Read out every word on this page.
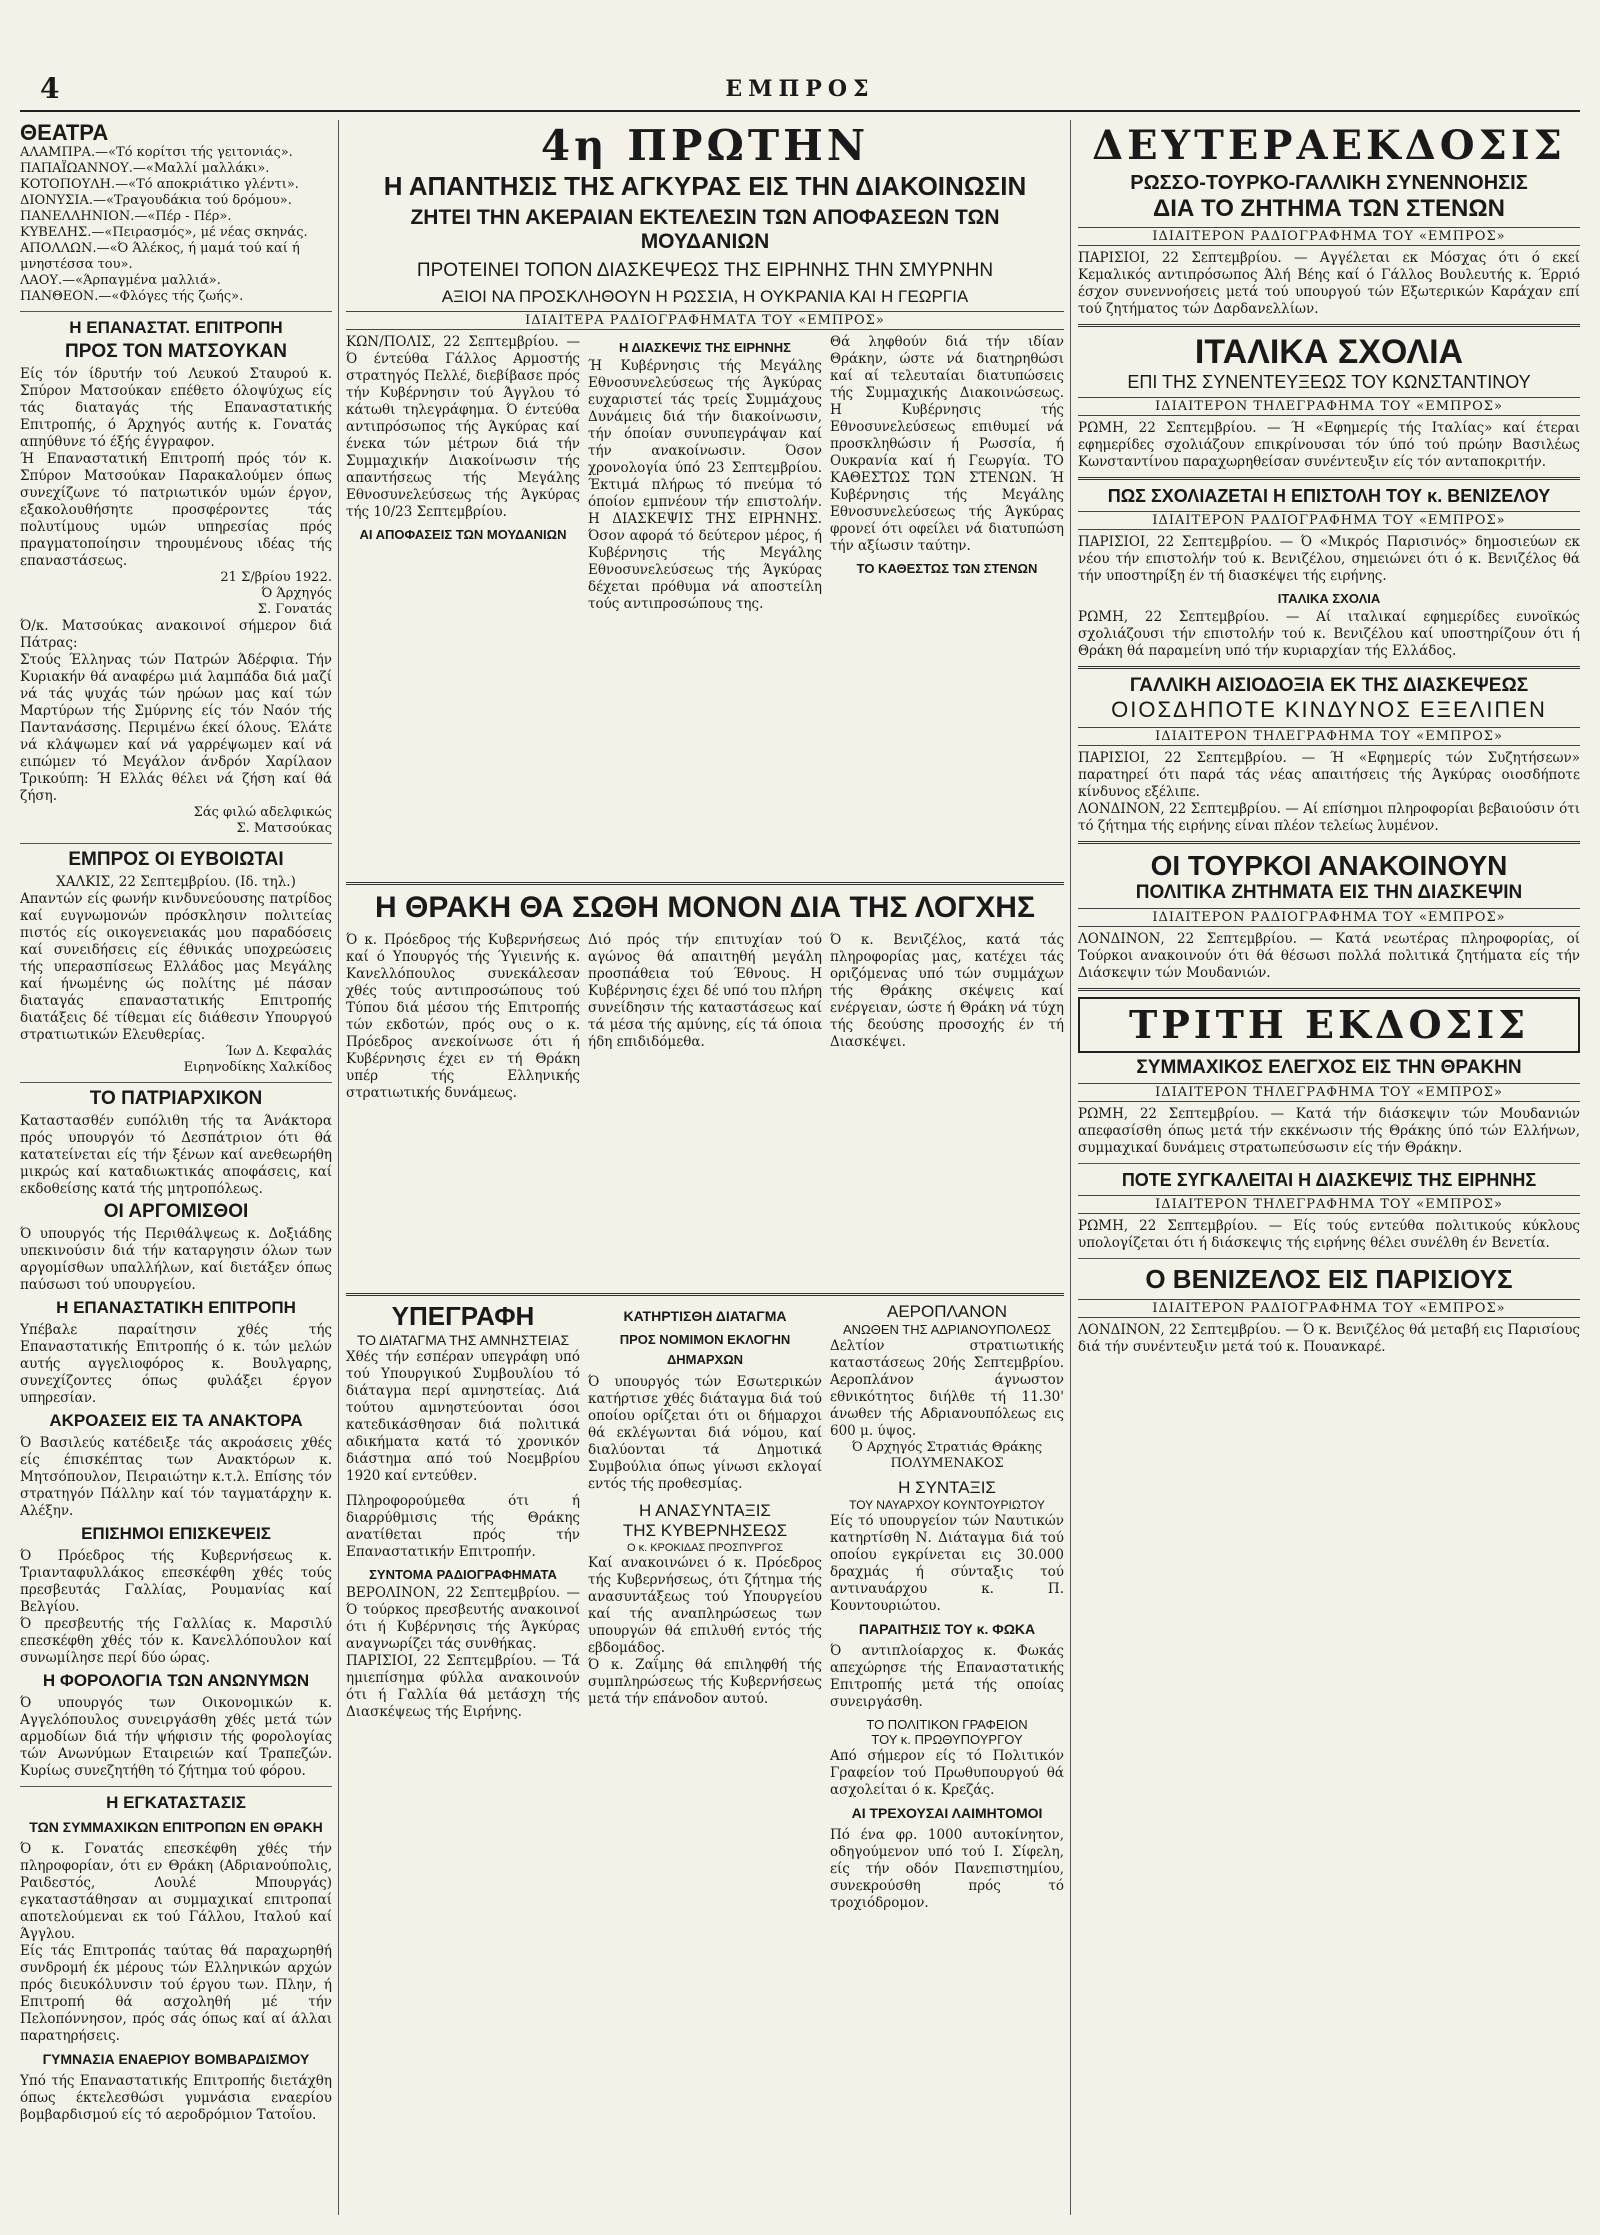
4	ΕΜΠΡΟΣ
ΘΕΑΤΡΑ
ΑΛΑΜΠΡΑ.—«Τό κορίτσι τής γειτονιάς».
ΠΑΠΑΪΩΑΝΝΟΥ.—«Μαλλί μαλλάκι».
ΚΟΤΟΠΟΥΛΗ.—«Τό αποκριάτικο γλέντι».
ΔΙΟΝΥΣΙΑ.—«Τραγουδάκια τού δρόμου».
ΠΑΝΕΛΛΗΝΙΟΝ.—«Πέρ - Πέρ».
ΚΥΒΕΛΗΣ.—«Πειρασμός», μέ νέας σκηνάς.
ΑΠΟΛΛΩΝ.—«Ό Άλέκος, ή μαμά τού καί ή μνηστέσσα του».
ΛΑΟΥ.—«Άρπαγμένα μαλλιά».
ΠΑΝΘΕΟΝ.—«Φλόγες τής ζωής».
Η ΕΠΑΝΑΣΤΑΤ. ΕΠΙΤΡΟΠΗ
ΠΡΟΣ ΤΟΝ ΜΑΤΣΟΥΚΑΝ
Είς τόν ίδρυτήν τού Λευκού Σταυρού κ. Σπύρον Ματσούκαν επέθετο όλοψύχως είς τάς διαταγάς τής Επαναστατικής Επιτροπής, ό Άρχηγός αυτής κ. Γονατάς απηύθυνε τό έξής έγγραφον.
Ή Επαναστατική Επιτροπή πρός τόν κ. Σπύρον Ματσούκαν Παρακαλούμεν όπως συνεχίζωνε τό πατριωτικόν υμών έργον, εξακολουθήσητε προσφέροντες τάς πολυτίμους υμών υπηρεσίας πρός πραγματοποίησιν τηρουμένους ιδέας τής επαναστάσεως.
21 Σ/βρίου 1922.
Ό Άρχηγός
Σ. Γονατάς
Ό/κ. Ματσούκας ανακοινοί σήμερον διά Πάτρας:
Στούς Έλληνας τών Πατρών Άδέρφια. Τήν Κυριακήν θά αναφέρω μιά λαμπάδα διά μαζί νά τάς ψυχάς τών ηρώων μας καί τών Μαρτύρων τής Σμύρνης είς τόν Ναόν τής Παντανάσσης. Περιμένω έκεί όλους. Έλάτε νά κλάψωμεν καί νά γαρρέψωμεν καί νά ειπώμεν τό Μεγάλον άνδρόν Χαρίλαον Τρικούπη: Ή Ελλάς θέλει νά ζήση καί θά ζήση.
Σάς φιλώ αδελφικώς
Σ. Ματσούκας
ΕΜΠΡΟΣ ΟΙ ΕΥΒΟΙΩΤΑΙ
ΧΑΛΚΙΣ, 22 Σεπτεμβρίου. (Ιδ. τηλ.)
Απαντών είς φωνήν κινδυνεύουσης πατρίδος καί ευγνωμονών πρόσκλησιν πολιτείας πιστός είς οικογενειακάς μου παραδόσεις καί συνειδήσεις είς έθνικάς υποχρεώσεις τής υπερασπίσεως Ελλάδος μας Μεγάλης καί ήνωμένης ώς πολίτης μέ πάσαν διαταγάς επαναστατικής Επιτροπής διατάξεις δέ τίθεμαι είς διάθεσιν Υπουργού στρατιωτικών Ελευθερίας.
Ίων Δ. Κεφαλάς
Ειρηνοδίκης Χαλκίδος
ΤΟ ΠΑΤΡΙΑΡΧΙΚΟΝ
Καταστασθέν ευπόλιθη τής τα Άνάκτορα πρός υπουργόν τό Δεσπάτριον ότι θά κατατείνεται είς τήν ξένων καί ανεθεωρήθη μικρώς καί καταδιωκτικάς αποφάσεις, καί εκδοθείσης κατά τής μητροπόλεως.
ΟΙ ΑΡΓΟΜΙΣΘΟΙ
Ό υπουργός τής Περιθάλψεως κ. Δοξιάδης υπεκινούσιν διά τήν καταργησιν όλων των αργομίσθων υπαλλήλων, καί διετάξεν όπως παύσωσι τού υπουργείου.
Η ΕΠΑΝΑΣΤΑΤΙΚΗ ΕΠΙΤΡΟΠΗ
Υπέβαλε παραίτησιν χθές τής Επαναστατικής Επιτροπής ό κ. τών μελών αυτής αγγελιοφόρος κ. Βουλγαρης, συνεχίζοντες όπως φυλάξει έργον υπηρεσίαν.
ΑΚΡΟΑΣΕΙΣ ΕΙΣ ΤΑ ΑΝΑΚΤΟΡΑ
Ό Βασιλεύς κατέδειξε τάς ακροάσεις χθές είς έπισκέπτας των Ανακτόρων κ. Μητσόπουλον, Πειραιώτην κ.τ.λ. Επίσης τόν στρατηγόν Πάλλην καί τόν ταγματάρχην κ. Αλέξην.
ΕΠΙΣΗΜΟΙ ΕΠΙΣΚΕΨΕΙΣ
Ό Πρόεδρος τής Κυβερνήσεως κ. Τριανταφυλλάκος επεσκέφθη χθές τούς πρεσβευτάς Γαλλίας, Ρουμανίας καί Βελγίου.
Ό πρεσβευτής τής Γαλλίας κ. Μαρσιλύ επεσκέφθη χθές τόν κ. Κανελλόπουλον καί συνωμίλησε περί δύο ώρας.
Η ΦΟΡΟΛΟΓΙΑ ΤΩΝ ΑΝΩΝΥΜΩΝ
Ό υπουργός των Οικονομικών κ. Αγγελόπουλος συνειργάσθη χθές μετά τών αρμοδίων διά τήν ψήφισιν τής φορολογίας τών Ανωνύμων Εταιρειών καί Τραπεζών. Κυρίως συνεζητήθη τό ζήτημα τού φόρου.
Η ΕΓΚΑΤΑΣΤΑΣΙΣ
ΤΩΝ ΣΥΜΜΑΧΙΚΩΝ ΕΠΙΤΡΟΠΩΝ ΕΝ ΘΡΑΚΗ
Ό κ. Γονατάς επεσκέφθη χθές τήν πληροφορίαν, ότι εν Θράκη (Αδριανούπολις, Ραιδεστός, Λουλέ Μπουργάς) εγκαταστάθησαν αι συμμαχικαί επιτροπαί αποτελούμεναι εκ τού Γάλλου, Ιταλού καί Άγγλου.
Είς τάς Επιτροπάς ταύτας θά παραχωρηθή συνδρομή έκ μέρους τών Ελληνικών αρχών πρός διευκόλυνσιν τού έργου των. Πλην, ή Επιτροπή θά ασχοληθή μέ τήν Πελοπόννησον, πρός σάς όπως καί αί άλλαι παρατηρήσεις.
ΓΥΜΝΑΣΙΑ ΕΝΑΕΡΙΟΥ ΒΟΜΒΑΡΔΙΣΜΟΥ
Υπό τής Επαναστατικής Επιτροπής διετάχθη όπως έκτελεσθώσι γυμνάσια εναερίου βομβαρδισμού είς τό αεροδρόμιον Τατοΐου.
4η ΠΡΩΤΗΝ
Η ΑΠΑΝΤΗΣΙΣ ΤΗΣ ΑΓΚΥΡΑΣ ΕΙΣ ΤΗΝ ΔΙΑΚΟΙΝΩΣΙΝ
ΖΗΤΕΙ ΤΗΝ ΑΚΕΡΑΙΑΝ ΕΚΤΕΛΕΣΙΝ ΤΩΝ ΑΠΟΦΑΣΕΩΝ ΤΩΝ ΜΟΥΔΑΝΙΩΝ
ΠΡΟΤΕΙΝΕΙ ΤΟΠΟΝ ΔΙΑΣΚΕΨΕΩΣ ΤΗΣ ΕΙΡΗΝΗΣ ΤΗΝ ΣΜΥΡΝΗΝ
ΑΞΙΟΙ ΝΑ ΠΡΟΣΚΛΗΘΟΥΝ Η ΡΩΣΣΙΑ, Η ΟΥΚΡΑΝΙΑ ΚΑΙ Η ΓΕΩΡΓΙΑ
ΙΔΙΑΙΤΕΡΑ ΡΑΔΙΟΓΡΑΦΗΜΑΤΑ ΤΟΥ «ΕΜΠΡΟΣ»
ΚΩΝ/ΠΟΛΙΣ, 22 Σεπτεμβρίου. — Ό έντεύθα Γάλλος Αρμοστής στρατηγός Πελλέ, διεβίβασε πρός τήν Κυβέρνησιν τού Άγγλου τό κάτωθι τηλεγράφημα. Ό έντεύθα αντιπρόσωπος τής Άγκύρας καί ένεκα τών μέτρων διά τήν Συμμαχικήν Διακοίνωσιν τής απαντήσεως τής Μεγάλης Εθνοσυνελεύσεως τής Άγκύρας τής 10/23 Σεπτεμβρίου.
ΑΙ ΑΠΟΦΑΣΕΙΣ ΤΩΝ ΜΟΥΔΑΝΙΩΝ
Η ΔΙΑΣΚΕΨΙΣ ΤΗΣ ΕΙΡΗΝΗΣ
Ή Κυβέρνησις τής Μεγάλης Εθνοσυνελεύσεως τής Άγκύρας ευχαριστεί τάς τρείς Συμμάχους Δυνάμεις διά τήν διακοίνωσιν, τήν όποίαν συνυπεγράψαν καί τήν ανακοίνωσιν. Όσον χρονολογία ύπό 23 Σεπτεμβρίου. Έκτιμά πλήρως τό πνεύμα τό όποίον εμπνέουν τήν επιστολήν. Η ΔΙΑΣΚΕΨΙΣ ΤΗΣ ΕΙΡΗΝΗΣ. Όσον αφορά τό δεύτερον μέρος, ή Κυβέρνησις τής Μεγάλης Εθνοσυνελεύσεως τής Άγκύρας δέχεται πρόθυμα νά αποστείλη τούς αντιπροσώπους της.
Θά ληφθούν διά τήν ιδίαν Θράκην, ώστε νά διατηρηθώσι καί αί τελευταίαι διατυπώσεις τής Συμμαχικής Διακοινώσεως. Η Κυβέρνησις τής Εθνοσυνελεύσεως επιθυμεί νά προσκληθώσιν ή Ρωσσία, ή Ουκρανία καί ή Γεωργία. ΤΟ ΚΑΘΕΣΤΩΣ ΤΩΝ ΣΤΕΝΩΝ. Ή Κυβέρνησις τής Μεγάλης Εθνοσυνελεύσεως τής Άγκύρας φρονεί ότι οφείλει νά διατυπώση τήν αξίωσιν ταύτην.
ΤΟ ΚΑΘΕΣΤΩΣ ΤΩΝ ΣΤΕΝΩΝ
Η ΘΡΑΚΗ ΘΑ ΣΩΘΗ ΜΟΝΟΝ ΔΙΑ ΤΗΣ ΛΟΓΧΗΣ
Ό κ. Πρόεδρος τής Κυβερνήσεως καί ό Υπουργός τής Ύγιεινής κ. Κανελλόπουλος συνεκάλεσαν χθές τούς αντιπροσώπους τού Τύπου διά μέσου τής Επιτροπής τών εκδοτών, πρός ους ο κ. Πρόεδρος ανεκοίνωσε ότι ή Κυβέρνησις έχει εν τή Θράκη υπέρ τής Ελληνικής στρατιωτικής δυνάμεως.
Διό πρός τήν επιτυχίαν τού αγώνος θά απαιτηθή μεγάλη προσπάθεια τού Έθνους. Η Κυβέρνησις έχει δέ υπό του πλήρη συνείδησιν τής καταστάσεως καί τά μέσα τής αμύνης, είς τά όποια ήδη επιδιδόμεθα.
Ό κ. Βενιζέλος, κατά τάς πληροφορίας μας, κατέχει τάς οριζόμενας υπό τών συμμάχων τής Θράκης σκέψεις καί ενέργειαν, ώστε ή Θράκη νά τύχη τής δεούσης προσοχής έν τή Διασκέψει.
ΥΠΕΓΡΑΦΗ
ΤΟ ΔΙΑΤΑΓΜΑ ΤΗΣ ΑΜΝΗΣΤΕΙΑΣ
Χθές τήν εσπέραν υπεγράφη υπό τού Υπουργικού Συμβουλίου τό διάταγμα περί αμνηστείας. Διά τούτου αμνηστεύονται όσοι κατεδικάσθησαν διά πολιτικά αδικήματα κατά τό χρονικόν διάστημα από τού Νοεμβρίου 1920 καί εντεύθεν.
Πληροφορούμεθα ότι ή διαρρύθμισις τής Θράκης ανατίθεται πρός τήν Επαναστατικήν Επιτροπήν.
ΣΥΝΤΟΜΑ ΡΑΔΙΟΓΡΑΦΗΜΑΤΑ
ΒΕΡΟΛΙΝΟΝ, 22 Σεπτεμβρίου. — Ό τούρκος πρεσβευτής ανακοινοί ότι ή Κυβέρνησις τής Άγκύρας αναγνωρίζει τάς συνθήκας.
ΠΑΡΙΣΙΟΙ, 22 Σεπτεμβρίου. — Τά ημιεπίσημα φύλλα ανακοινούν ότι ή Γαλλία θά μετάσχη τής Διασκέψεως τής Ειρήνης.
ΚΑΤΗΡΤΙΣΘΗ ΔΙΑΤΑΓΜΑ
ΠΡΟΣ ΝΟΜΙΜΟΝ ΕΚΛΟΓΗΝ ΔΗΜΑΡΧΩΝ
Ό υπουργός τών Εσωτερικών κατήρτισε χθές διάταγμα διά τού οποίου ορίζεται ότι οι δήμαρχοι θά εκλέγωνται διά νόμου, καί διαλύονται τά Δημοτικά Συμβούλια όπως γίνωσι εκλογαί εντός τής προθεσμίας.
Η ΑΝΑΣΥΝΤΑΞΙΣ
ΤΗΣ ΚΥΒΕΡΝΗΣΕΩΣ
Ο κ. ΚΡΟΚΙΔΑΣ ΠΡΟΣΠΥΡΓΟΣ
Καί ανακοινώνει ό κ. Πρόεδρος τής Κυβερνήσεως, ότι ζήτημα τής ανασυντάξεως τού Υπουργείου καί τής αναπληρώσεως των υπουργών θά επιλυθή εντός τής εβδομάδος.
Ό κ. Ζαΐμης θά επιληφθή τής συμπληρώσεως τής Κυβερνήσεως μετά τήν επάνοδον αυτού.
ΑΕΡΟΠΛΑΝΟΝ
ΑΝΩΘΕΝ ΤΗΣ ΑΔΡΙΑΝΟΥΠΟΛΕΩΣ
Δελτίον στρατιωτικής καταστάσεως 20ής Σεπτεμβρίου. Αεροπλάνον άγνωστον εθνικότητος διήλθε τή 11.30' άνωθεν τής Αδριανουπόλεως εις 600 μ. ύψος.
Ό Αρχηγός Στρατιάς Θράκης
ΠΟΛΥΜΕΝΑΚΟΣ
Η ΣΥΝΤΑΞΙΣ
ΤΟΥ ΝΑΥΑΡΧΟΥ ΚΟΥΝΤΟΥΡΙΩΤΟΥ
Είς τό υπουργείον τών Ναυτικών κατηρτίσθη Ν. Διάταγμα διά τού οποίου εγκρίνεται εις 30.000 δραχμάς ή σύνταξις τού αντιναυάρχου κ. Π. Κουντουριώτου.
ΠΑΡΑΙΤΗΣΙΣ ΤΟΥ κ. ΦΩΚΑ
Ό αντιπλοίαρχος κ. Φωκάς απεχώρησε τής Επαναστατικής Επιτροπής μετά τής οποίας συνειργάσθη.
ΤΟ ΠΟΛΙΤΙΚΟΝ ΓΡΑΦΕΙΟΝ
ΤΟΥ κ. ΠΡΩΘΥΠΟΥΡΓΟΥ
Από σήμερον είς τό Πολιτικόν Γραφείον τού Πρωθυπουργού θά ασχολείται ό κ. Κρεζάς.
ΑΙ ΤΡΕΧΟΥΣΑΙ ΛΑΙΜΗΤΟΜΟΙ
Πό ένα φρ. 1000 αυτοκίνητον, οδηγούμενον υπό τού Ι. Σίφελη, είς τήν οδόν Πανεπιστημίου, συνεκρούσθη πρός τό τροχιόδρομον.
ΔΕΥΤΕΡΑΕΚΔΟΣΙΣ
ΡΩΣΣΟ-ΤΟΥΡΚΟ-ΓΑΛΛΙΚΗ ΣΥΝΕΝΝΟΗΣΙΣ
ΔΙΑ ΤΟ ΖΗΤΗΜΑ ΤΩΝ ΣΤΕΝΩΝ
ΙΔΙΑΙΤΕΡΟΝ ΡΑΔΙΟΓΡΑΦΗΜΑ ΤΟΥ «ΕΜΠΡΟΣ»
ΠΑΡΙΣΙΟΙ, 22 Σεπτεμβρίου. — Αγγέλεται εκ Μόσχας ότι ό εκεί Κεμαλικός αντιπρόσωπος Άλή Βέης καί ό Γάλλος Βουλευτής κ. Έρριό έσχον συνεννοήσεις μετά τού υπουργού τών Εξωτερικών Καράχαν επί τού ζητήματος τών Δαρδανελλίων.
ΙΤΑΛΙΚΑ ΣΧΟΛΙΑ
ΕΠΙ ΤΗΣ ΣΥΝΕΝΤΕΥΞΕΩΣ ΤΟΥ ΚΩΝΣΤΑΝΤΙΝΟΥ
ΙΔΙΑΙΤΕΡΟΝ ΤΗΛΕΓΡΑΦΗΜΑ ΤΟΥ «ΕΜΠΡΟΣ»
ΡΩΜΗ, 22 Σεπτεμβρίου. — Ή «Εφημερίς τής Ιταλίας» καί έτεραι εφημερίδες σχολιάζουν επικρίνουσαι τόν ύπό τού πρώην Βασιλέως Κωνσταντίνου παραχωρηθείσαν συνέντευξιν είς τόν ανταποκριτήν.
ΠΩΣ ΣΧΟΛΙΑΖΕΤΑΙ Η ΕΠΙΣΤΟΛΗ ΤΟΥ κ. ΒΕΝΙΖΕΛΟΥ
ΙΔΙΑΙΤΕΡΟΝ ΡΑΔΙΟΓΡΑΦΗΜΑ ΤΟΥ «ΕΜΠΡΟΣ»
ΠΑΡΙΣΙΟΙ, 22 Σεπτεμβρίου. — Ό «Μικρός Παρισινός» δημοσιεύων εκ νέου τήν επιστολήν τού κ. Βενιζέλου, σημειώνει ότι ό κ. Βενιζέλος θά τήν υποστηρίξη έν τή διασκέψει τής ειρήνης.
ΙΤΑΛΙΚΑ ΣΧΟΛΙΑ
ΡΩΜΗ, 22 Σεπτεμβρίου. — Αί ιταλικαί εφημερίδες ευνοϊκώς σχολιάζουσι τήν επιστολήν τού κ. Βενιζέλου καί υποστηρίζουν ότι ή Θράκη θά παραμείνη υπό τήν κυριαρχίαν τής Ελλάδος.
ΓΑΛΛΙΚΗ ΑΙΣΙΟΔΟΞΙΑ ΕΚ ΤΗΣ ΔΙΑΣΚΕΨΕΩΣ
ΟΙΟΣΔΗΠΟΤΕ ΚΙΝΔΥΝΟΣ ΕΞΕΛΙΠΕΝ
ΙΔΙΑΙΤΕΡΟΝ ΤΗΛΕΓΡΑΦΗΜΑ ΤΟΥ «ΕΜΠΡΟΣ»
ΠΑΡΙΣΙΟΙ, 22 Σεπτεμβρίου. — Ή «Εφημερίς τών Συζητήσεων» παρατηρεί ότι παρά τάς νέας απαιτήσεις τής Άγκύρας οιοσδήποτε κίνδυνος εξέλιπε.
ΛΟΝΔΙΝΟΝ, 22 Σεπτεμβρίου. — Αί επίσημοι πληροφορίαι βεβαιούσιν ότι τό ζήτημα τής ειρήνης είναι πλέον τελείως λυμένον.
ΟΙ ΤΟΥΡΚΟΙ ΑΝΑΚΟΙΝΟΥΝ
ΠΟΛΙΤΙΚΑ ΖΗΤΗΜΑΤΑ ΕΙΣ ΤΗΝ ΔΙΑΣΚΕΨΙΝ
ΙΔΙΑΙΤΕΡΟΝ ΡΑΔΙΟΓΡΑΦΗΜΑ ΤΟΥ «ΕΜΠΡΟΣ»
ΛΟΝΔΙΝΟΝ, 22 Σεπτεμβρίου. — Κατά νεωτέρας πληροφορίας, οί Τούρκοι ανακοινούν ότι θά θέσωσι πολλά πολιτικά ζητήματα είς τήν Διάσκεψιν τών Μουδανιών.
ΤΡΙΤΗ ΕΚΔΟΣΙΣ
ΣΥΜΜΑΧΙΚΟΣ ΕΛΕΓΧΟΣ ΕΙΣ ΤΗΝ ΘΡΑΚΗΝ
ΙΔΙΑΙΤΕΡΟΝ ΤΗΛΕΓΡΑΦΗΜΑ ΤΟΥ «ΕΜΠΡΟΣ»
ΡΩΜΗ, 22 Σεπτεμβρίου. — Κατά τήν διάσκεψιν τών Μουδανιών απεφασίσθη όπως μετά τήν εκκένωσιν τής Θράκης ύπό τών Ελλήνων, συμμαχικαί δυνάμεις στρατωπεύσωσιν είς τήν Θράκην.
ΠΟΤΕ ΣΥΓΚΑΛΕΙΤΑΙ Η ΔΙΑΣΚΕΨΙΣ ΤΗΣ ΕΙΡΗΝΗΣ
ΙΔΙΑΙΤΕΡΟΝ ΤΗΛΕΓΡΑΦΗΜΑ ΤΟΥ «ΕΜΠΡΟΣ»
ΡΩΜΗ, 22 Σεπτεμβρίου. — Είς τούς εντεύθα πολιτικούς κύκλους υπολογίζεται ότι ή διάσκεψις τής ειρήνης θέλει συνέλθη έν Βενετία.
Ο ΒΕΝΙΖΕΛΟΣ ΕΙΣ ΠΑΡΙΣΙΟΥΣ
ΙΔΙΑΙΤΕΡΟΝ ΡΑΔΙΟΓΡΑΦΗΜΑ ΤΟΥ «ΕΜΠΡΟΣ»
ΛΟΝΔΙΝΟΝ, 22 Σεπτεμβρίου. — Ό κ. Βενιζέλος θά μεταβή εις Παρισίους διά τήν συνέντευξιν μετά τού κ. Πουανκαρέ.
